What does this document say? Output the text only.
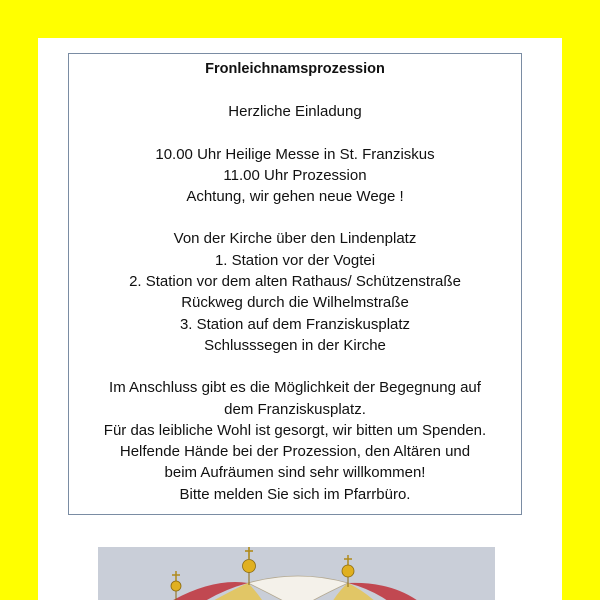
Fronleichnamsprozession
Herzliche Einladung
10.00 Uhr Heilige Messe in St. Franziskus
11.00 Uhr Prozession
Achtung, wir gehen neue Wege !
Von der Kirche über den Lindenplatz
1. Station vor der Vogtei
2. Station vor dem alten Rathaus/ Schützenstraße
Rückweg durch die Wilhelmstraße
3. Station auf dem Franziskusplatz
Schlusssegen in der Kirche
Im Anschluss gibt es die Möglichkeit der Begegnung auf
dem Franziskusplatz.
Für das leibliche Wohl ist gesorgt, wir bitten um Spenden.
Helfende Hände bei der Prozession, den Altären und
beim Aufräumen sind sehr willkommen!
Bitte melden Sie sich im Pfarrbüro.
